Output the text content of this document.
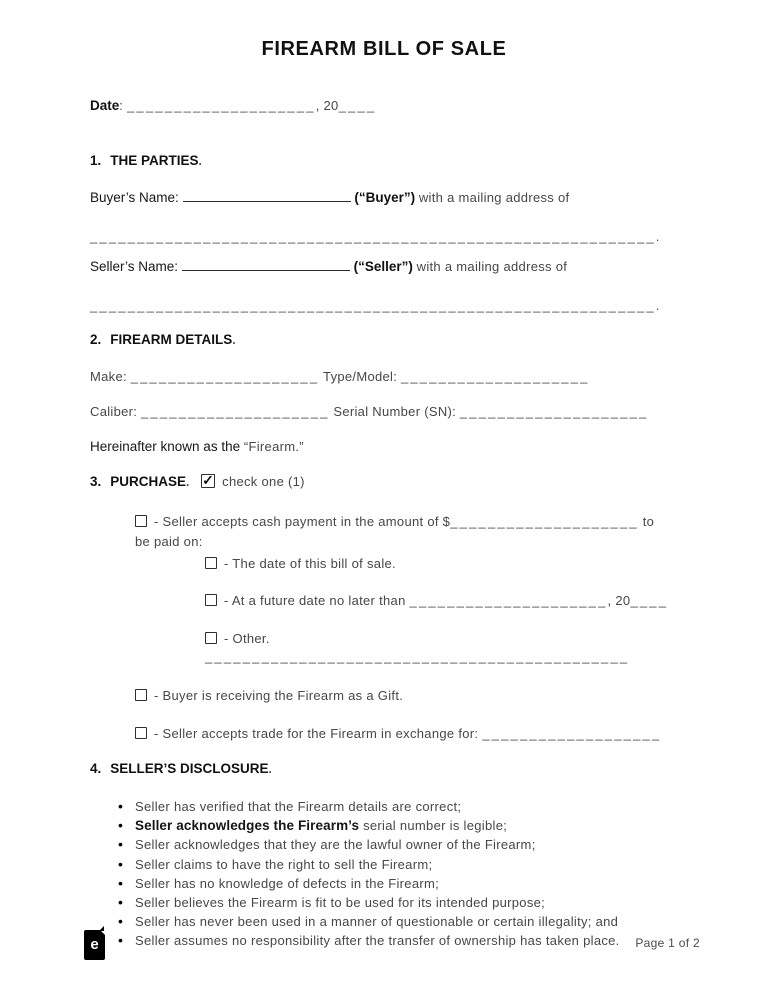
FIREARM BILL OF SALE

Date: ____________________, 20____

1. THE PARTIES.

Buyer’s Name:	(“Buyer”) with a mailing address of

____________________________________________________________.

Seller’s Name:	(“Seller”) with a mailing address of

____________________________________________________________.

2. FIREARM DETAILS.

Make: ____________________ Type/Model: ____________________

Caliber: ____________________ Serial Number (SN): ____________________

Hereinafter known as the “Firearm.”

3. PURCHASE. ✓ check one (1)

- Seller accepts cash payment in the amount of $____________________ to
be paid on:

- The date of this bill of sale.

- At a future date no later than _____________________, 20____

- Other. _____________________________________________

- Buyer is receiving the Firearm as a Gift.

- Seller accepts trade for the Firearm in exchange for: ___________________

4. SELLER’S DISCLOSURE.

• Seller has verified that the Firearm details are correct;
• Seller acknowledges the Firearm’s serial number is legible;
• Seller acknowledges that they are the lawful owner of the Firearm;
• Seller claims to have the right to sell the Firearm;
• Seller has no knowledge of defects in the Firearm;
• Seller believes the Firearm is fit to be used for its intended purpose;
• Seller has never been used in a manner of questionable or certain illegality; and
• Seller assumes no responsibility after the transfer of ownership has taken place.
e	Page 1 of 2
